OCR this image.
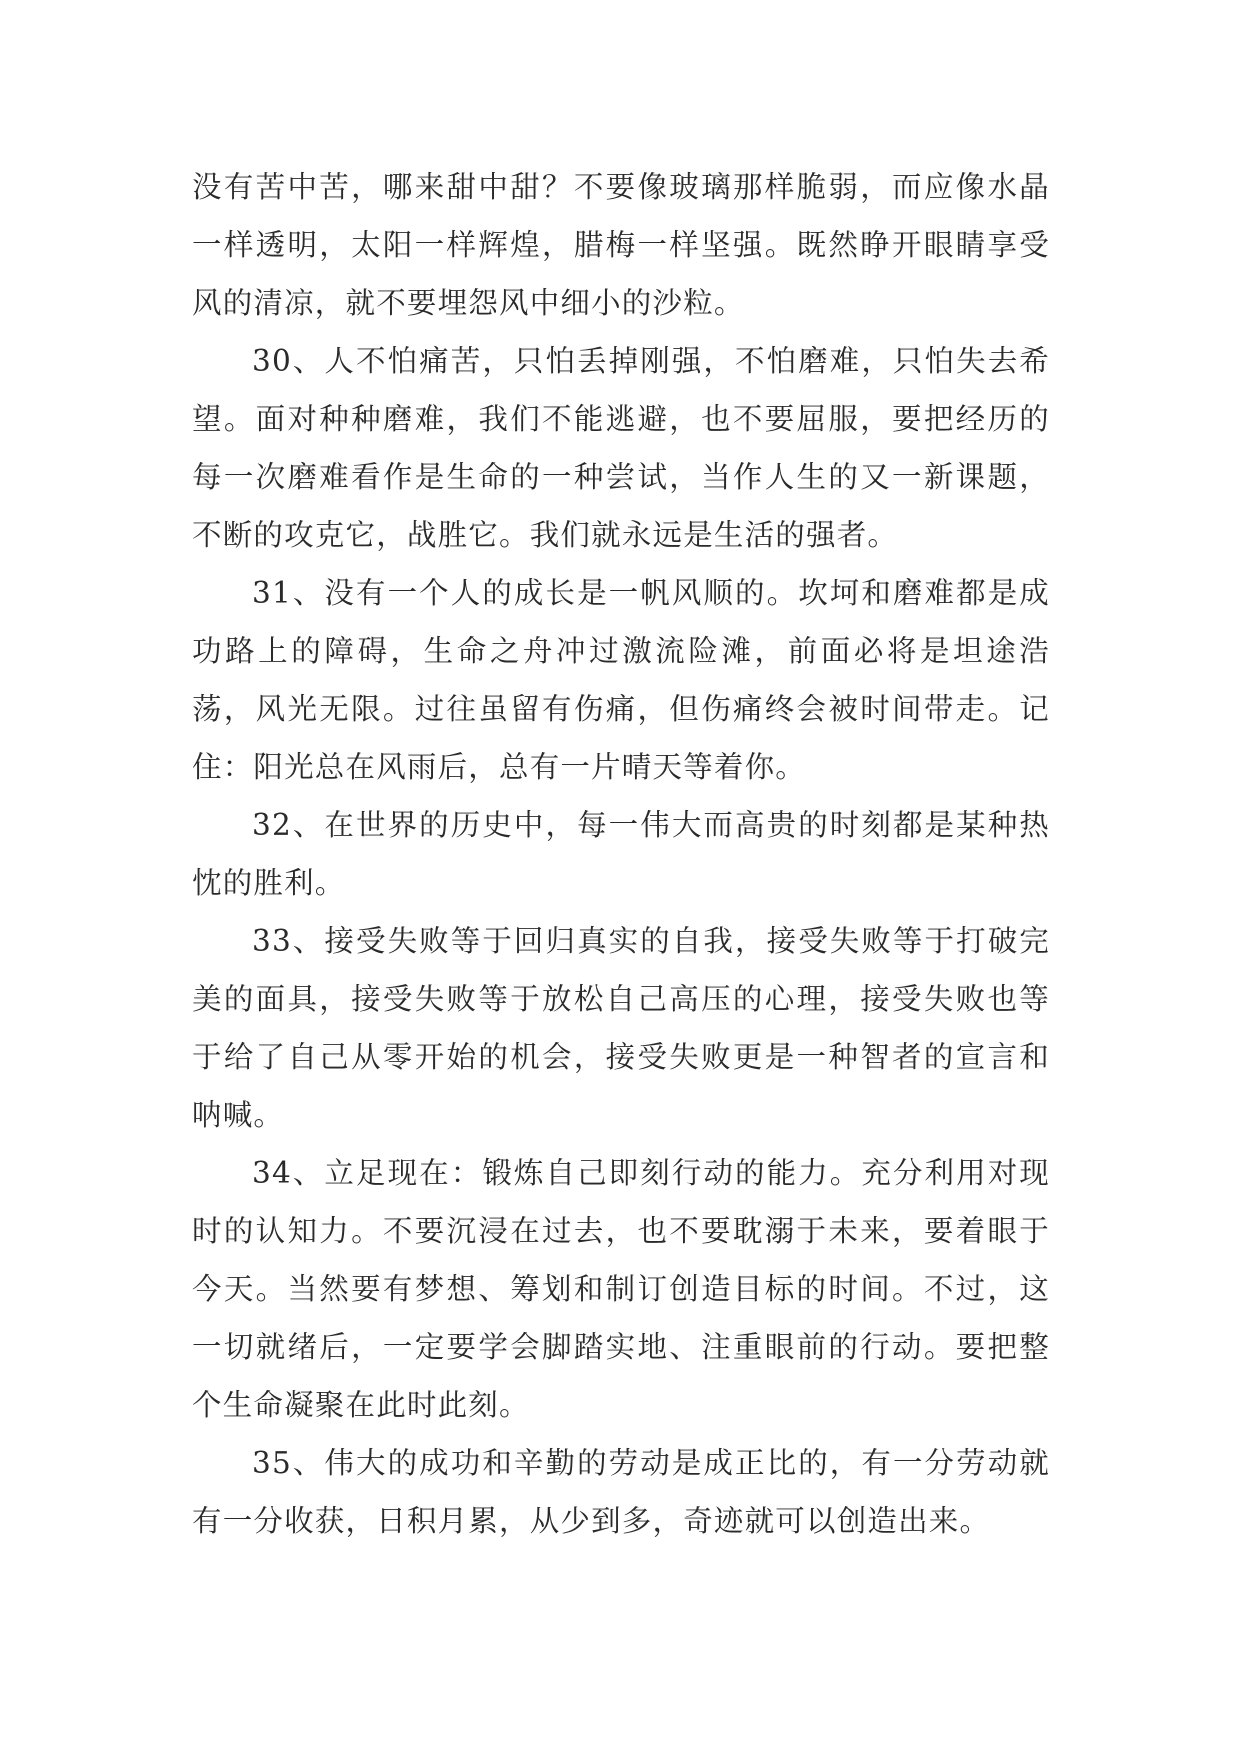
没有苦中苦，哪来甜中甜？不要像玻璃那样脆弱，而应像水晶一样透明，太阳一样辉煌，腊梅一样坚强。既然睁开眼睛享受风的清凉，就不要埋怨风中细小的沙粒。

30、人不怕痛苦，只怕丢掉刚强，不怕磨难，只怕失去希望。面对种种磨难，我们不能逃避，也不要屈服，要把经历的每一次磨难看作是生命的一种尝试，当作人生的又一新课题，不断的攻克它，战胜它。我们就永远是生活的强者。

31、没有一个人的成长是一帆风顺的。坎坷和磨难都是成功路上的障碍，生命之舟冲过激流险滩，前面必将是坦途浩荡，风光无限。过往虽留有伤痛，但伤痛终会被时间带走。记住：阳光总在风雨后，总有一片晴天等着你。

32、在世界的历史中，每一伟大而高贵的时刻都是某种热忱的胜利。

33、接受失败等于回归真实的自我，接受失败等于打破完美的面具，接受失败等于放松自己高压的心理，接受失败也等于给了自己从零开始的机会，接受失败更是一种智者的宣言和呐喊。

34、立足现在：锻炼自己即刻行动的能力。充分利用对现时的认知力。不要沉浸在过去，也不要耽溺于未来，要着眼于今天。当然要有梦想、筹划和制订创造目标的时间。不过，这一切就绪后，一定要学会脚踏实地、注重眼前的行动。要把整个生命凝聚在此时此刻。

35、伟大的成功和辛勤的劳动是成正比的，有一分劳动就有一分收获，日积月累，从少到多，奇迹就可以创造出来。
